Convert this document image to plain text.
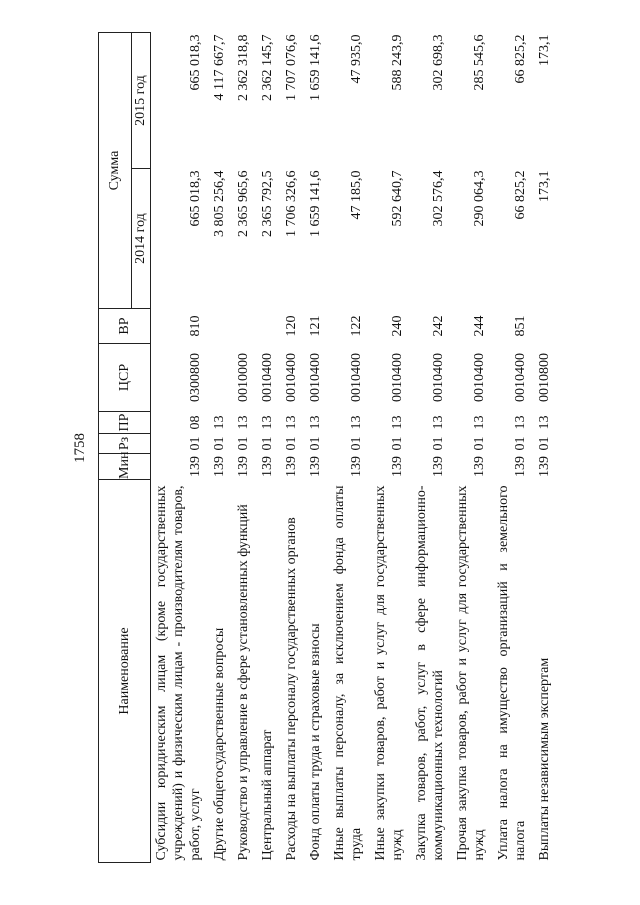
1758
Наименование	Мин	Рз	ПР	ЦСР	ВР	Сумма	
						2014 год	2015 год
Субсидии юридическим лицам (кроме государственных учреждений) и физическим лицам - производителям товаров, работ, услуг	139	01	08	0300800	810	665 018,3	665 018,3
Другие общегосударственные вопросы	139	01	13			3 805 256,4	4 117 667,7
Руководство и управление в сфере установленных функций	139	01	13	0010000		2 365 965,6	2 362 318,8
Центральный аппарат	139	01	13	0010400		2 365 792,5	2 362 145,7
Расходы на выплаты персоналу государственных органов	139	01	13	0010400	120	1 706 326,6	1 707 076,6
Фонд оплаты труда и страховые взносы	139	01	13	0010400	121	1 659 141,6	1 659 141,6
Иные выплаты персоналу, за исключением фонда оплаты труда	139	01	13	0010400	122	47 185,0	47 935,0
Иные закупки товаров, работ и услуг для государственных нужд	139	01	13	0010400	240	592 640,7	588 243,9
Закупка товаров, работ, услуг в сфере информационно-коммуникационных технологий	139	01	13	0010400	242	302 576,4	302 698,3
Прочая закупка товаров, работ и услуг для государственных нужд	139	01	13	0010400	244	290 064,3	285 545,6
Уплата налога на имущество организаций и земельного налога	139	01	13	0010400	851	66 825,2	66 825,2
Выплаты независимым экспертам	139	01	13	0010800		173,1	173,1
